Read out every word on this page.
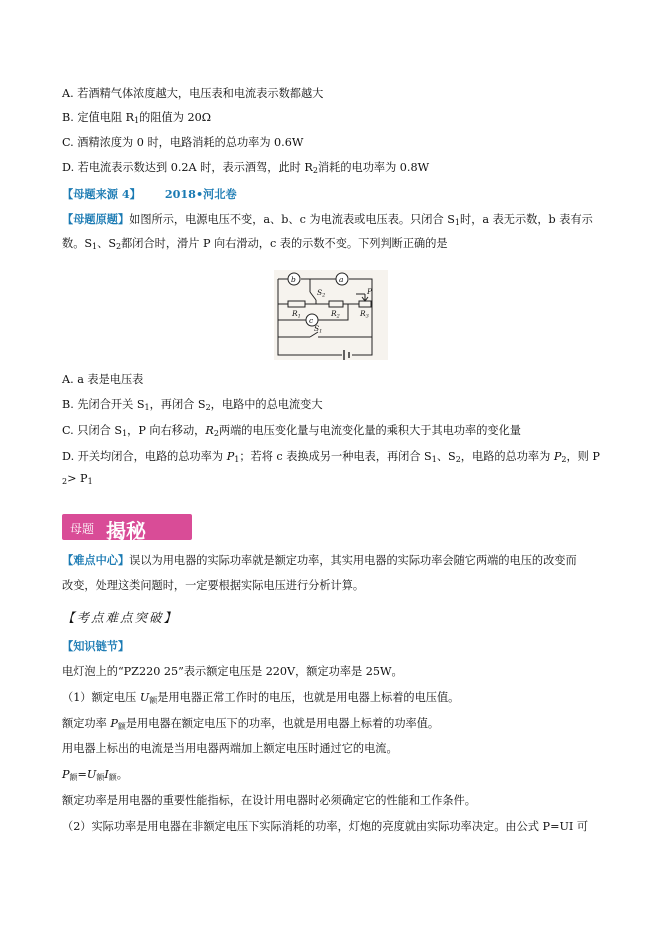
A. 若酒精气体浓度越大，电压表和电流表示数都越大
B. 定值电阻 $R_1$的阻值为 20Ω
C. 酒精浓度为 0 时，电路消耗的总功率为 0.6W
D. 若电流表示数达到 0.2A 时，表示酒驾，此时 $R_2$消耗的电功率为 0.8W
【母题来源 4】 2018•河北卷
【母题原题】如图所示，电源电压不变，a、b、c 为电流表或电压表。只闭合 $S_1$时，a 表无示数，b 表有示
数。$S_1$、$S_2$都闭合时，滑片 P 向右滑动，c 表的示数不变。下列判断正确的是
b	a
c
$S_2$	P
$R_1$	$R_2$	$R_3$
$S_1$
A. a 表是电压表
B. 先闭合开关 $S_1$，再闭合 $S_2$，电路中的总电流变大
C. 只闭合 $S_1$，P 向右移动，$R_2$两端的电压变化量与电流变化量的乘积大于其电功率的变化量
D. 开关均闭合，电路的总功率为 $P_1$；若将 c 表换成另一种电表，再闭合 $S_1$、$S_2$，电路的总功率为 $P_2$，则 P
$_2> P_1$
母题 揭秘
【难点中心】误以为用电器的实际功率就是额定功率，其实用电器的实际功率会随它两端的电压的改变而
改变，处理这类问题时，一定要根据实际电压进行分析计算。
【考点难点突破】
【知识链节】
电灯泡上的“PZ220 25”表示额定电压是 220V，额定功率是 25W。
（1）额定电压 $U_额$是用电器正常工作时的电压，也就是用电器上标着的电压值。
额定功率 $P_额$是用电器在额定电压下的功率，也就是用电器上标着的功率值。
用电器上标出的电流是当用电器两端加上额定电压时通过它的电流。
$P_额=U_额I_额$。
额定功率是用电器的重要性能指标，在设计用电器时必须确定它的性能和工作条件。
（2）实际功率是用电器在非额定电压下实际消耗的功率，灯炮的亮度就由实际功率决定。由公式 P=UI 可
